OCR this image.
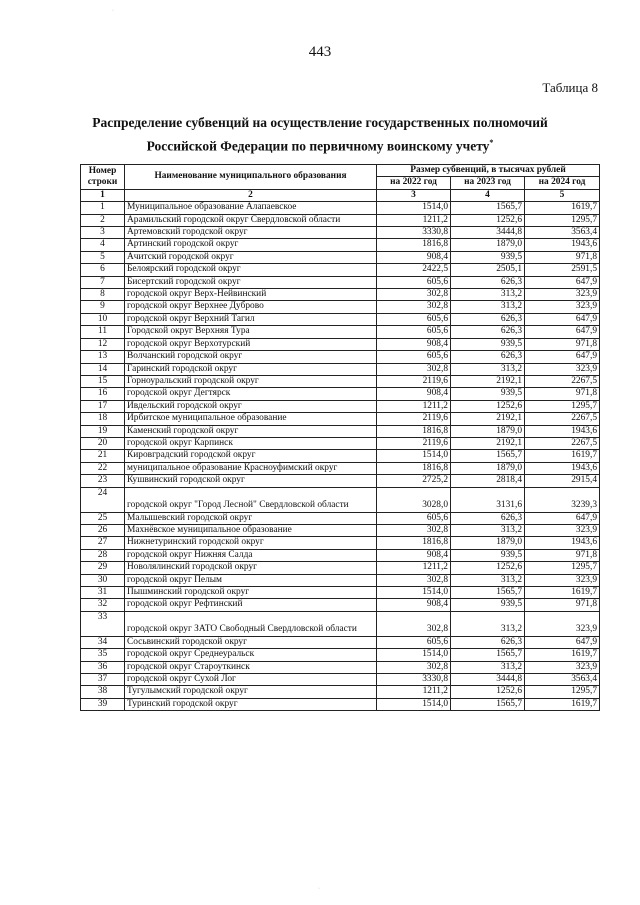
443
Таблица 8
Распределение субвенций на осуществление государственных полномочий
Российской Федерации по первичному воинскому учету*
Номер строки	Наименование муниципального образования	Размер субвенций, в тысячах рублей		
		на 2022 год	на 2023 год	на 2024 год
1	2	3	4	5
1	Муниципальное образование Алапаевское	1514,0	1565,7	1619,7
2	Арамильский городской округ Свердловской области	1211,2	1252,6	1295,7
3	Артемовский городской округ	3330,8	3444,8	3563,4
4	Артинский городской округ	1816,8	1879,0	1943,6
5	Ачитский городской округ	908,4	939,5	971,8
6	Белоярский городской округ	2422,5	2505,1	2591,5
7	Бисертский городской округ	605,6	626,3	647,9
8	городской округ Верх-Нейвинский	302,8	313,2	323,9
9	городской округ Верхнее Дуброво	302,8	313,2	323,9
10	городской округ Верхний Тагил	605,6	626,3	647,9
11	Городской округ Верхняя Тура	605,6	626,3	647,9
12	городской округ Верхотурский	908,4	939,5	971,8
13	Волчанский городской округ	605,6	626,3	647,9
14	Гаринский городской округ	302,8	313,2	323,9
15	Горноуральский городской округ	2119,6	2192,1	2267,5
16	городской округ Дегтярск	908,4	939,5	971,8
17	Ивдельский городской округ	1211,2	1252,6	1295,7
18	Ирбитское муниципальное образование	2119,6	2192,1	2267,5
19	Каменский городской округ	1816,8	1879,0	1943,6
20	городской округ Карпинск	2119,6	2192,1	2267,5
21	Кировградский городской округ	1514,0	1565,7	1619,7
22	муниципальное образование Красноуфимский округ	1816,8	1879,0	1943,6
23	Кушвинский городской округ	2725,2	2818,4	2915,4
24	городской округ "Город Лесной" Свердловской области	3028,0	3131,6	3239,3
25	Малышевский городской округ	605,6	626,3	647,9
26	Махнёвское муниципальное образование	302,8	313,2	323,9
27	Нижнетуринский городской округ	1816,8	1879,0	1943,6
28	городской округ Нижняя Салда	908,4	939,5	971,8
29	Новолялинский городской округ	1211,2	1252,6	1295,7
30	городской округ Пелым	302,8	313,2	323,9
31	Пышминский городской округ	1514,0	1565,7	1619,7
32	городской округ Рефтинский	908,4	939,5	971,8
33	городской округ ЗАТО Свободный Свердловской области	302,8	313,2	323,9
34	Сосьвинский городской округ	605,6	626,3	647,9
35	городской округ Среднеуральск	1514,0	1565,7	1619,7
36	городской округ Староуткинск	302,8	313,2	323,9
37	городской округ Сухой Лог	3330,8	3444,8	3563,4
38	Тугулымский городской округ	1211,2	1252,6	1295,7
39	Туринский городской округ	1514,0	1565,7	1619,7
·
·
